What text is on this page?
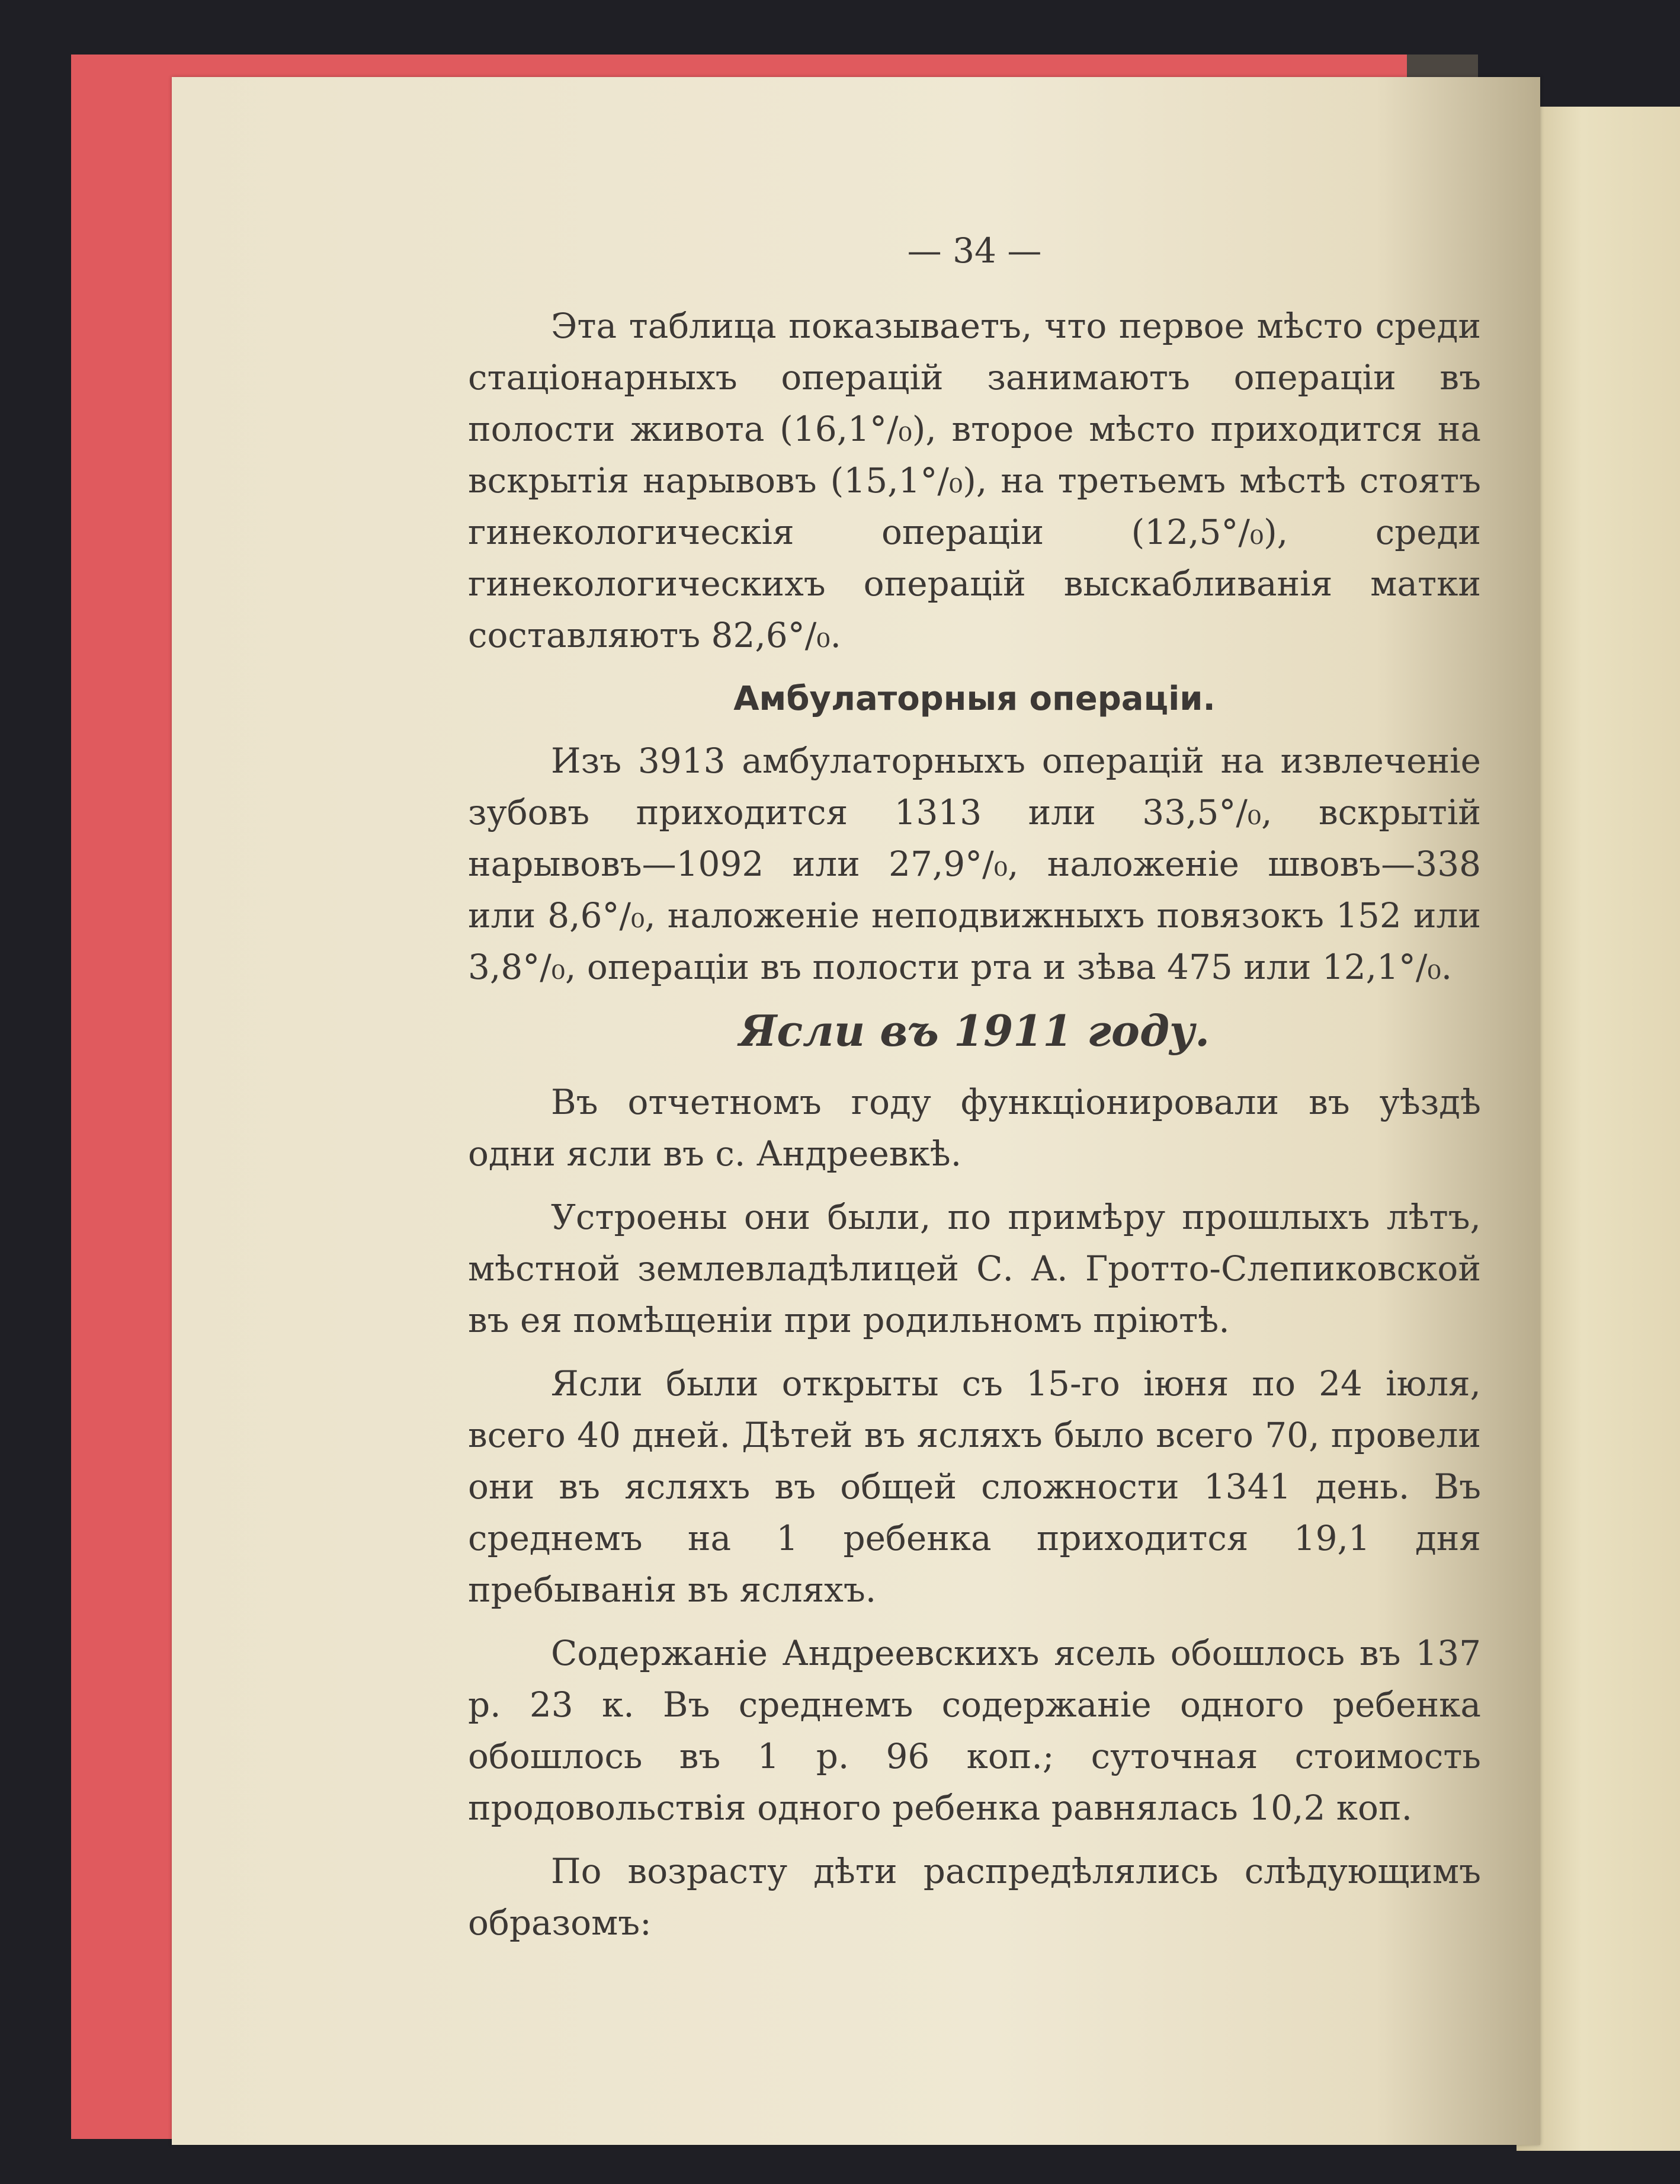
— 34 —

Эта таблица показываетъ, что первое мѣсто среди стаціонарныхъ операцій занимаютъ операціи въ полости живота (16,1°/₀), второе мѣсто приходится на вскрытія нарывовъ (15,1°/₀), на третьемъ мѣстѣ стоятъ гинекологическія операціи (12,5°/₀), среди гинекологическихъ операцій выскабливанія матки составляютъ 82,6°/₀.

Амбулаторныя операціи.

Изъ 3913 амбулаторныхъ операцій на извлеченіе зубовъ приходится 1313 или 33,5°/₀, вскрытій нарывовъ—1092 или 27,9°/₀, наложеніе швовъ—338 или 8,6°/₀, наложеніе неподвижныхъ повязокъ 152 или 3,8°/₀, операціи въ полости рта и зѣва 475 или 12,1°/₀.

Ясли въ 1911 году.

Въ отчетномъ году функціонировали въ уѣздѣ одни ясли въ с. Андреевкѣ.

Устроены они были, по примѣру прошлыхъ лѣтъ, мѣстной землевладѣлицей С. А. Гротто-Слепиковской въ ея помѣщеніи при родильномъ пріютѣ.

Ясли были открыты съ 15-го іюня по 24 іюля, всего 40 дней. Дѣтей въ ясляхъ было всего 70, провели они въ ясляхъ въ общей сложности 1341 день. Въ среднемъ на 1 ребенка приходится 19,1 дня пребыванія въ ясляхъ.

Содержаніе Андреевскихъ ясель обошлось въ 137 р. 23 к. Въ среднемъ содержаніе одного ребенка обошлось въ 1 р. 96 коп.; суточная стоимость продовольствія одного ребенка равнялась 10,2 коп.

По возрасту дѣти распредѣлялись слѣдующимъ образомъ:
